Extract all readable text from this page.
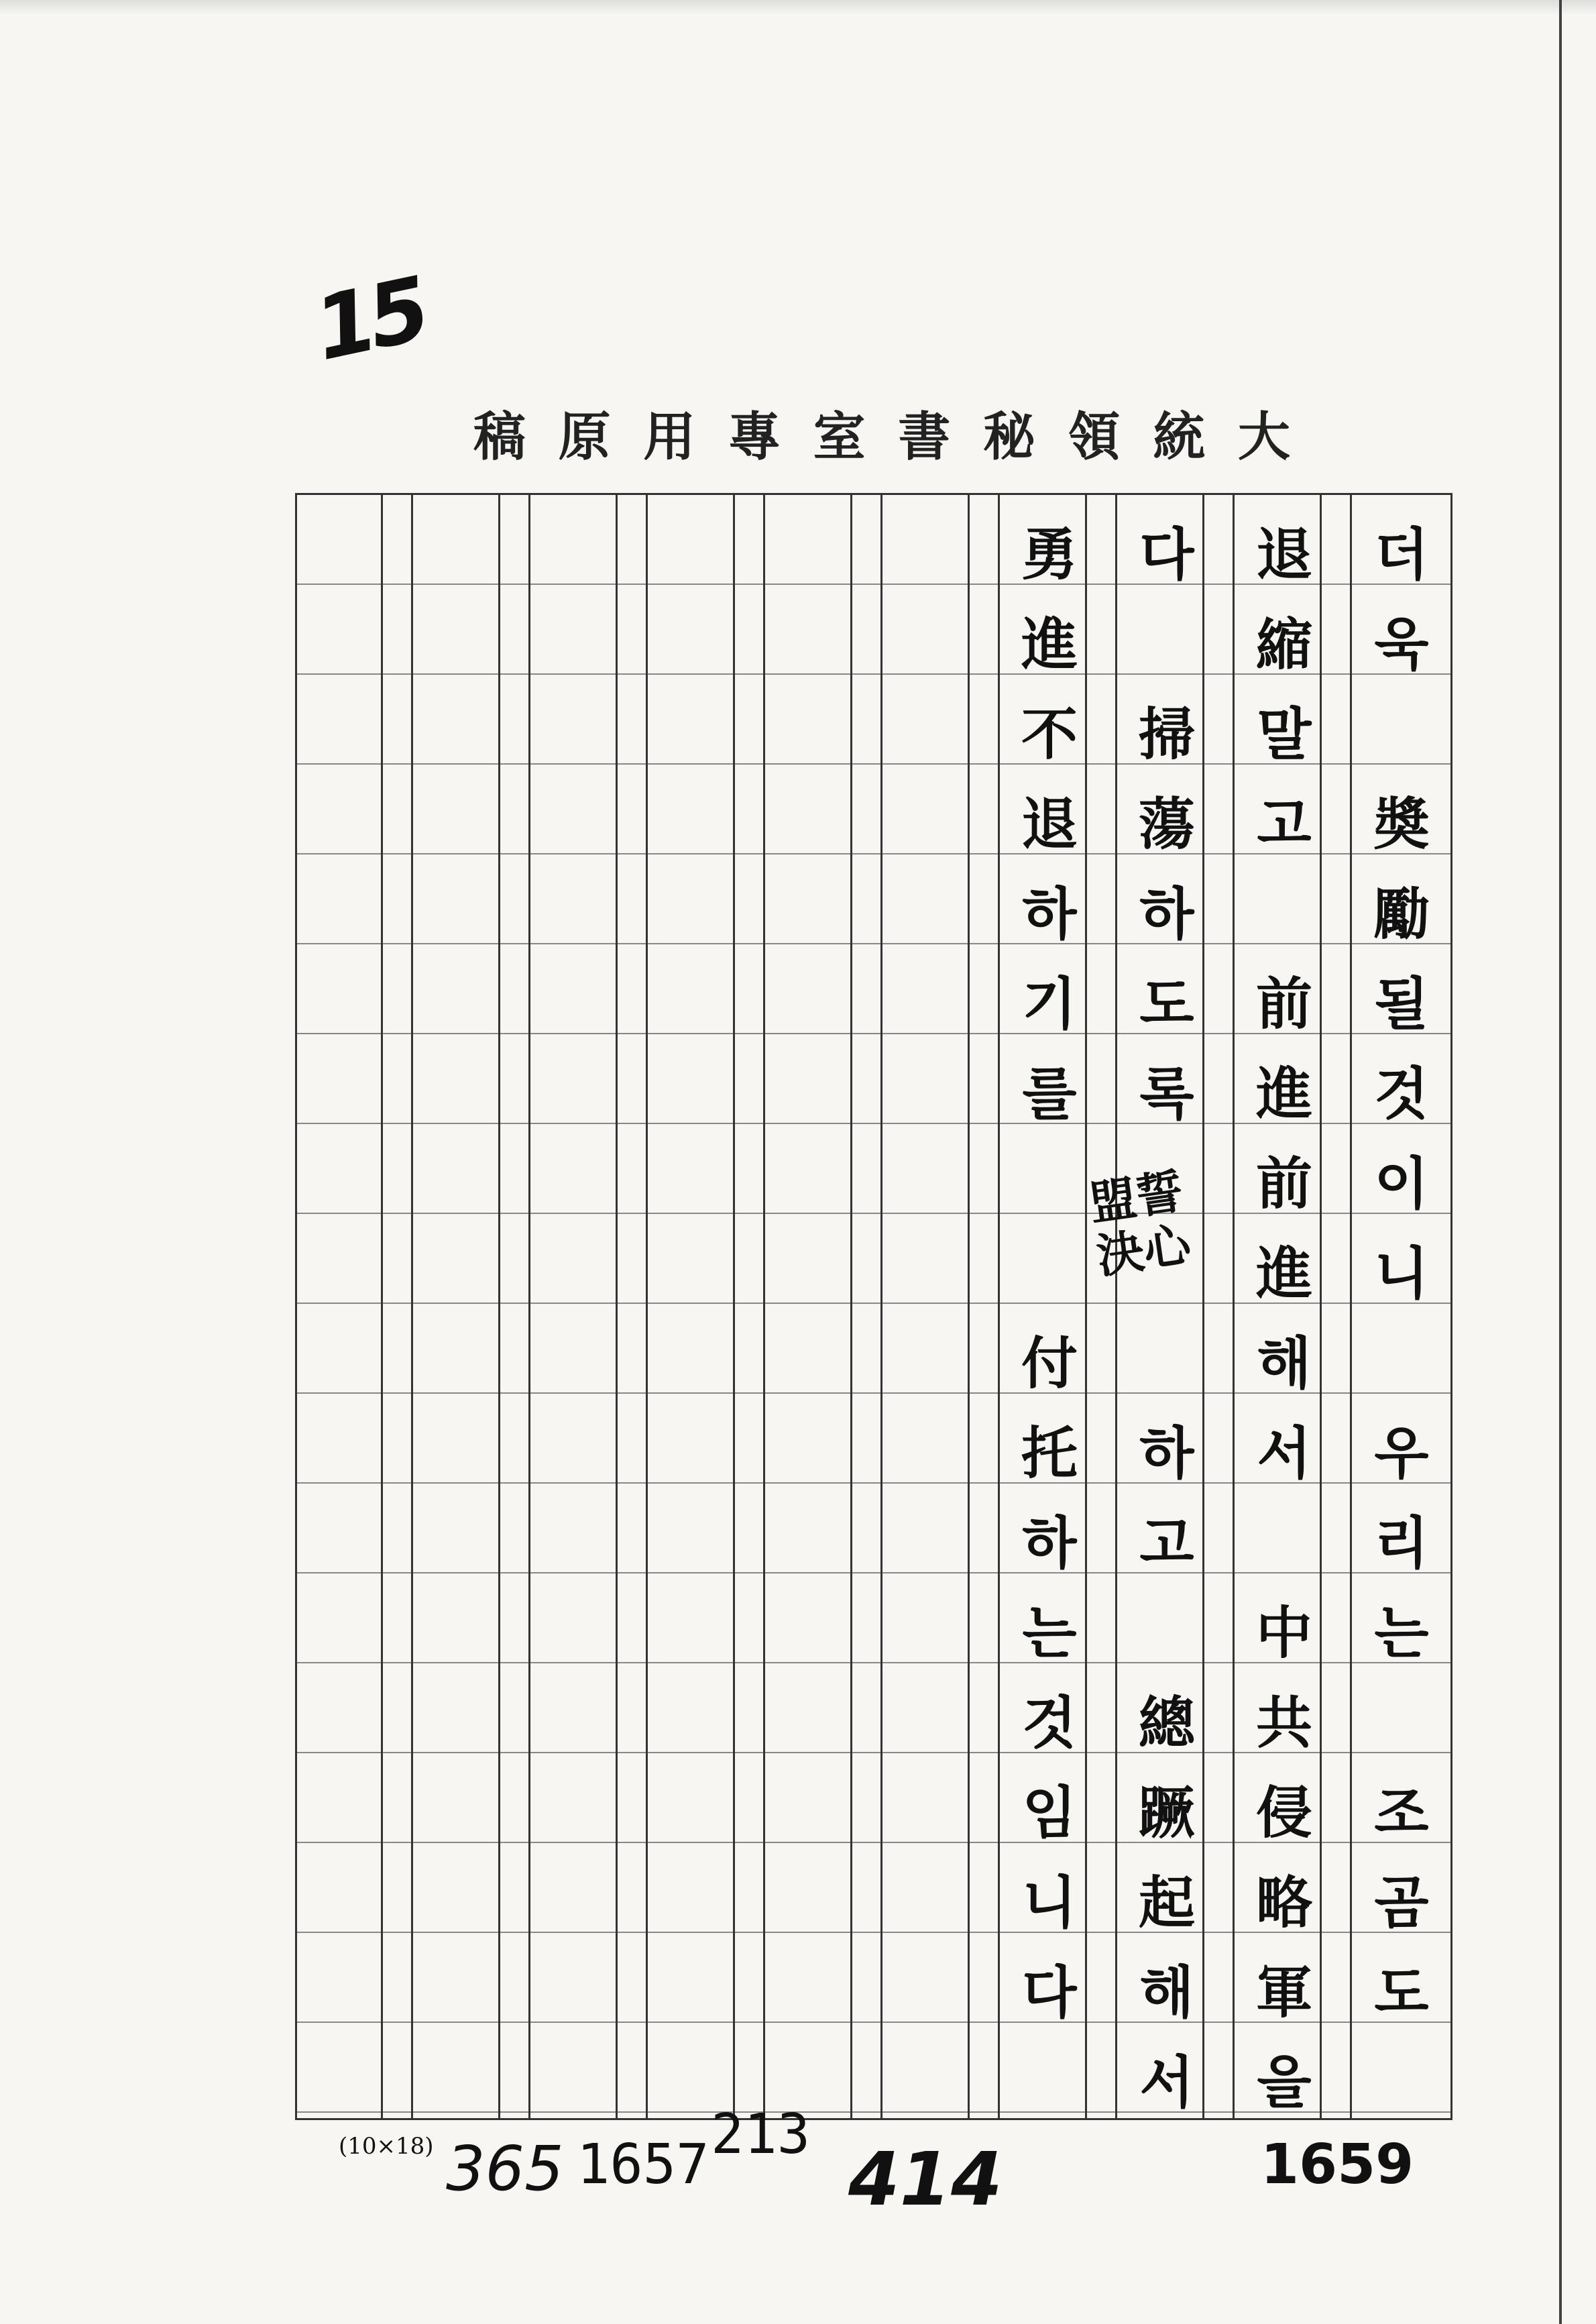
15
大
統
領
秘
書
室
專
用
原
稿
더
욱
奬
勵
될
것
이
니
우
리
는
조
곰
도
退
縮
말
고
前
進
前
進
해
서
中
共
侵
略
軍
을
다
掃
蕩
하
도
록
하
고
總
蹶
起
해
서
勇
進
不
退
하
기
를
付
托
하
는
것
임
니
다
盟誓決心
(10×18) 365 1657 213
414	1659
